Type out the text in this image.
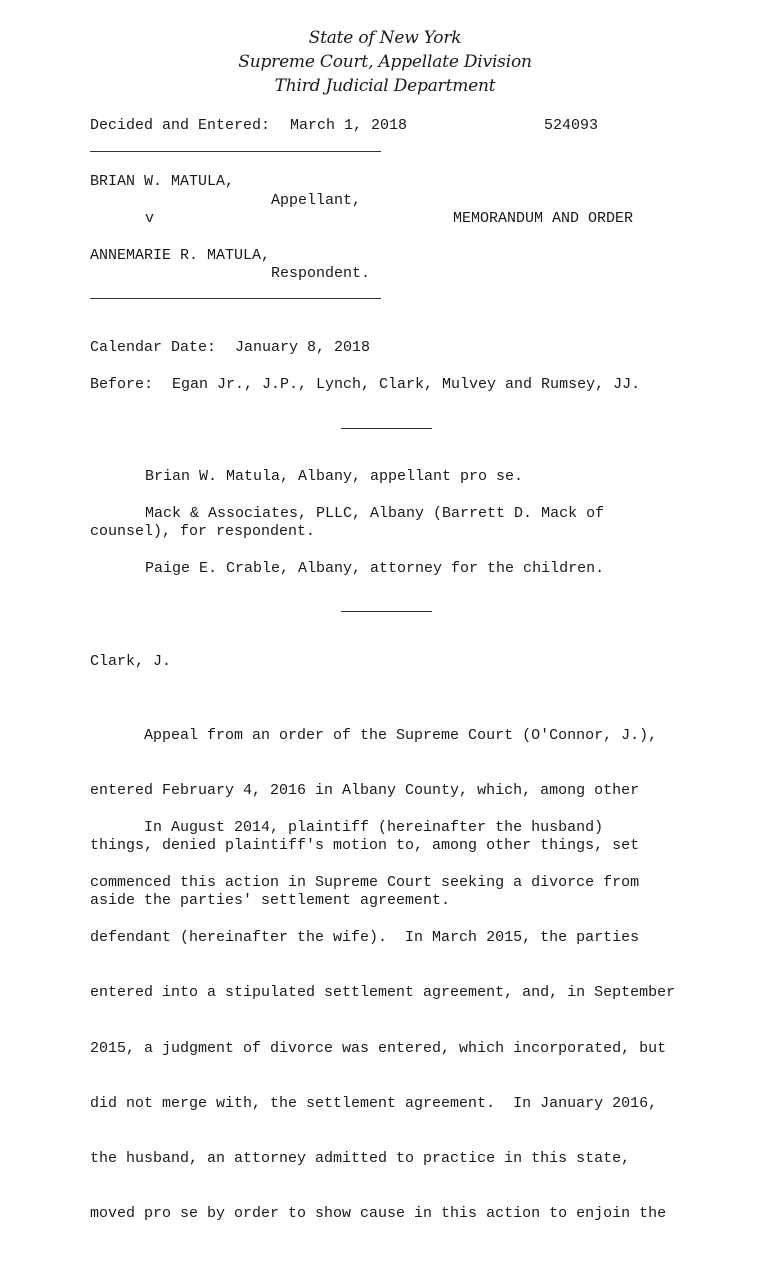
State of New York
Supreme Court, Appellate Division
Third Judicial Department
Decided and Entered: March 1, 2018	524093
BRIAN W. MATULA,
Appellant,
v	MEMORANDUM AND ORDER
ANNEMARIE R. MATULA,
Respondent.
Calendar Date: January 8, 2018
Before: Egan Jr., J.P., Lynch, Clark, Mulvey and Rumsey, JJ.
Brian W. Matula, Albany, appellant pro se.
Mack & Associates, PLLC, Albany (Barrett D. Mack of
counsel), for respondent.
Paige E. Crable, Albany, attorney for the children.
Clark, J.

Appeal from an order of the Supreme Court (O'Connor, J.),

entered February 4, 2016 in Albany County, which, among other

things, denied plaintiff's motion to, among other things, set

aside the parties' settlement agreement.

In August 2014, plaintiff (hereinafter the husband)

commenced this action in Supreme Court seeking a divorce from

defendant (hereinafter the wife).  In March 2015, the parties

entered into a stipulated settlement agreement, and, in September

2015, a judgment of divorce was entered, which incorporated, but

did not merge with, the settlement agreement.  In January 2016,

the husband, an attorney admitted to practice in this state,

moved pro se by order to show cause in this action to enjoin the
